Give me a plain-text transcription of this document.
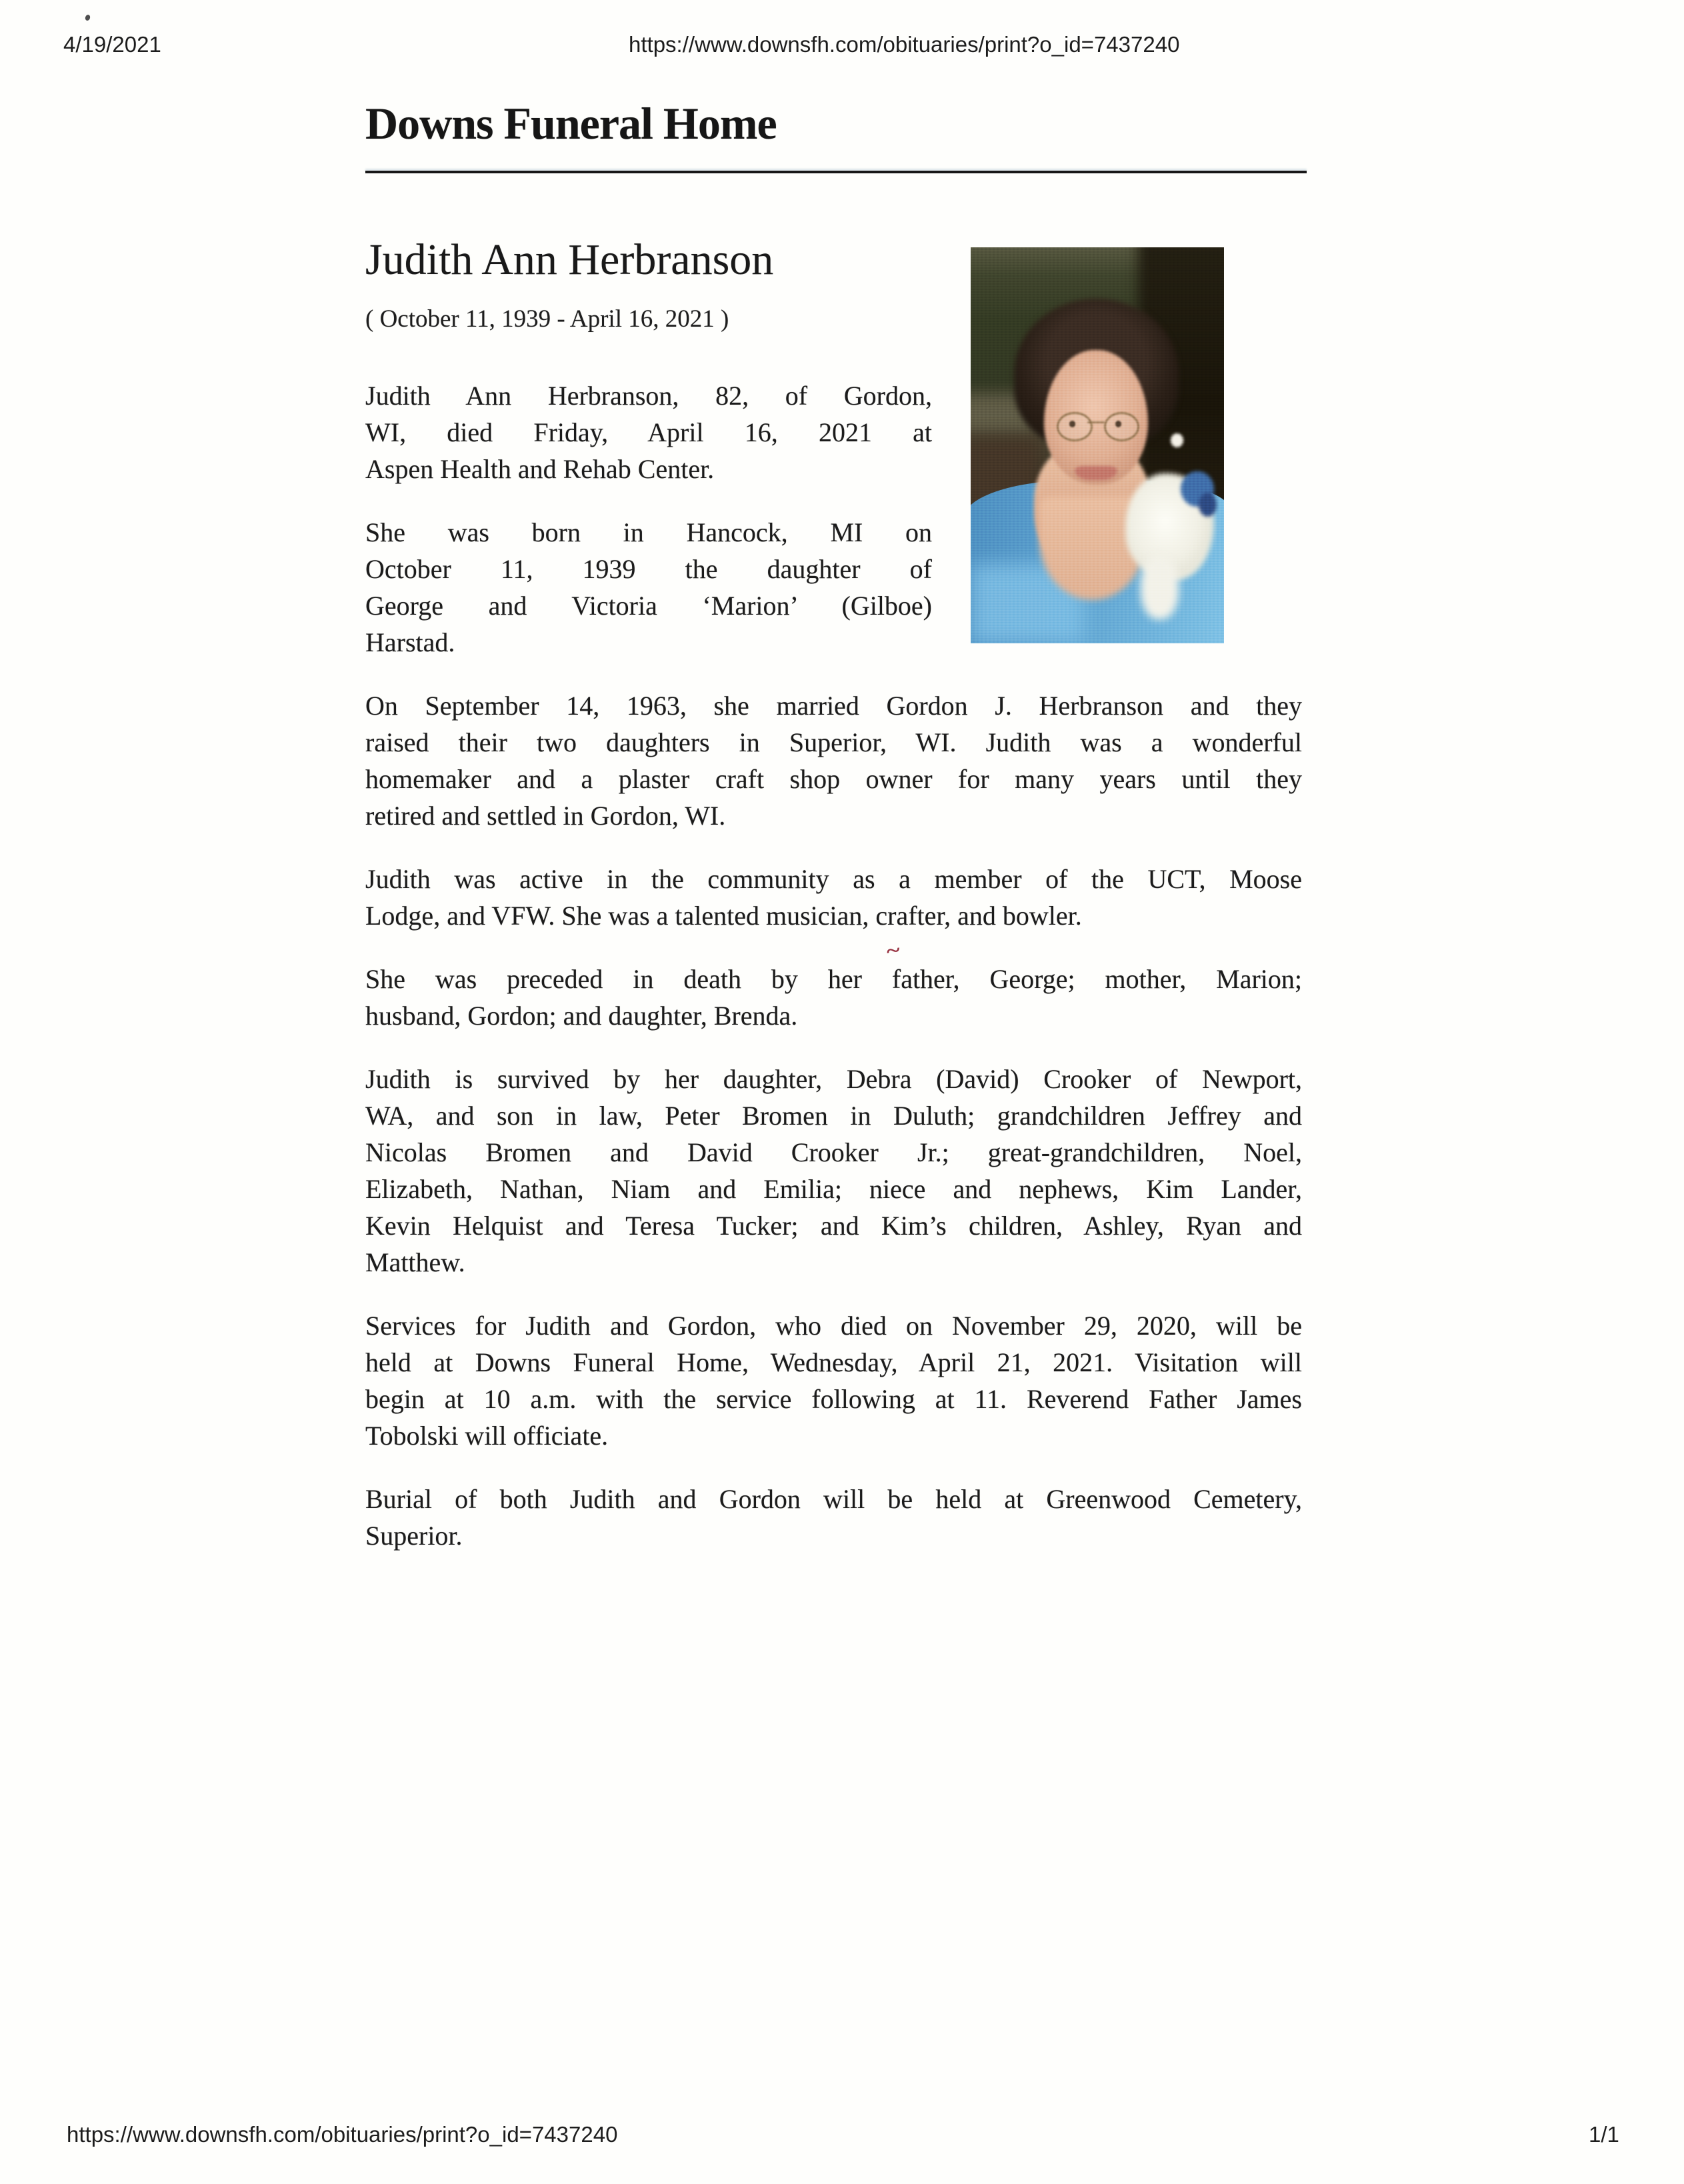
~
4/19/2021	https://www.downsfh.com/obituaries/print?o_id=7437240
Downs Funeral Home
Judith Ann Herbranson
( October 11, 1939 - April 16, 2021 )
Judith Ann Herbranson, 82, of Gordon,
WI, died Friday, April 16, 2021 at
Aspen Health and Rehab Center.
She was born in Hancock, MI on
October 11, 1939 the daughter of
George and Victoria ‘Marion’ (Gilboe)
Harstad.
On September 14, 1963, she married Gordon J. Herbranson and they
raised their two daughters in Superior, WI. Judith was a wonderful
homemaker and a plaster craft shop owner for many years until they
retired and settled in Gordon, WI.
Judith was active in the community as a member of the UCT, Moose
Lodge, and VFW. She was a talented musician, crafter, and bowler.
She was preceded in death by her father, George; mother, Marion;
husband, Gordon; and daughter, Brenda.
Judith is survived by her daughter, Debra (David) Crooker of Newport,
WA, and son in law, Peter Bromen in Duluth; grandchildren Jeffrey and
Nicolas Bromen and David Crooker Jr.; great-grandchildren, Noel,
Elizabeth, Nathan, Niam and Emilia; niece and nephews, Kim Lander,
Kevin Helquist and Teresa Tucker; and Kim’s children, Ashley, Ryan and
Matthew.
Services for Judith and Gordon, who died on November 29, 2020, will be
held at Downs Funeral Home, Wednesday, April 21, 2021. Visitation will
begin at 10 a.m. with the service following at 11. Reverend Father James
Tobolski will officiate.
Burial of both Judith and Gordon will be held at Greenwood Cemetery,
Superior.
https://www.downsfh.com/obituaries/print?o_id=7437240	1/1
